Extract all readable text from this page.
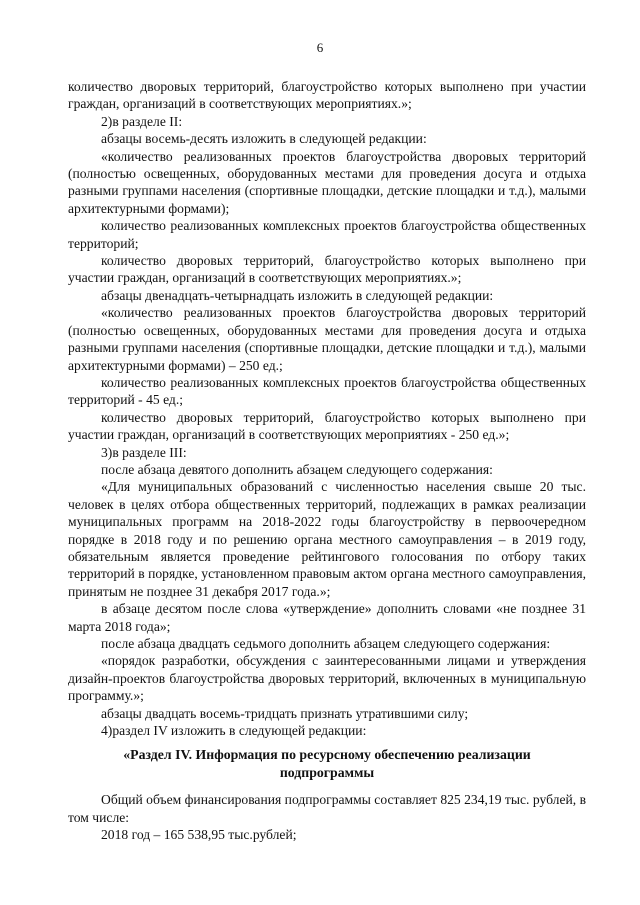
6

количество дворовых территорий, благоустройство которых выполнено при участии граждан, организаций в соответствующих мероприятиях.»;

2)в разделе II:

абзацы восемь-десять изложить в следующей редакции:

«количество реализованных проектов благоустройства дворовых территорий (полностью освещенных, оборудованных местами для проведения досуга и отдыха разными группами населения (спортивные площадки, детские площадки и т.д.), малыми архитектурными формами);

количество реализованных комплексных проектов благоустройства общественных территорий;

количество дворовых территорий, благоустройство которых выполнено при участии граждан, организаций в соответствующих мероприятиях.»;

абзацы двенадцать-четырнадцать изложить в следующей редакции:

«количество реализованных проектов благоустройства дворовых территорий (полностью освещенных, оборудованных местами для проведения досуга и отдыха разными группами населения (спортивные площадки, детские площадки и т.д.), малыми архитектурными формами) – 250 ед.;

количество реализованных комплексных проектов благоустройства общественных территорий - 45 ед.;

количество дворовых территорий, благоустройство которых выполнено при участии граждан, организаций в соответствующих мероприятиях - 250 ед.»;

3)в разделе III:

после абзаца девятого дополнить абзацем следующего содержания:

«Для муниципальных образований с численностью населения свыше 20 тыс. человек в целях отбора общественных территорий, подлежащих в рамках реализации муниципальных программ на 2018-2022 годы благоустройству в первоочередном порядке в 2018 году и по решению органа местного самоуправления – в 2019 году, обязательным является проведение рейтингового голосования по отбору таких территорий в порядке, установленном правовым актом органа местного самоуправления, принятым не позднее 31 декабря 2017 года.»;

в абзаце десятом после слова «утверждение» дополнить словами «не позднее 31 марта 2018 года»;

после абзаца двадцать седьмого дополнить абзацем следующего содержания:

«порядок разработки, обсуждения с заинтересованными лицами и утверждения дизайн-проектов благоустройства дворовых территорий, включенных в муниципальную программу.»;

абзацы двадцать восемь-тридцать признать утратившими силу;

4)раздел IV изложить в следующей редакции:

«Раздел IV. Информация по ресурсному обеспечению реализации подпрограммы

Общий объем финансирования подпрограммы составляет 825 234,19 тыс. рублей, в том числе:

2018 год – 165 538,95 тыс.рублей;
